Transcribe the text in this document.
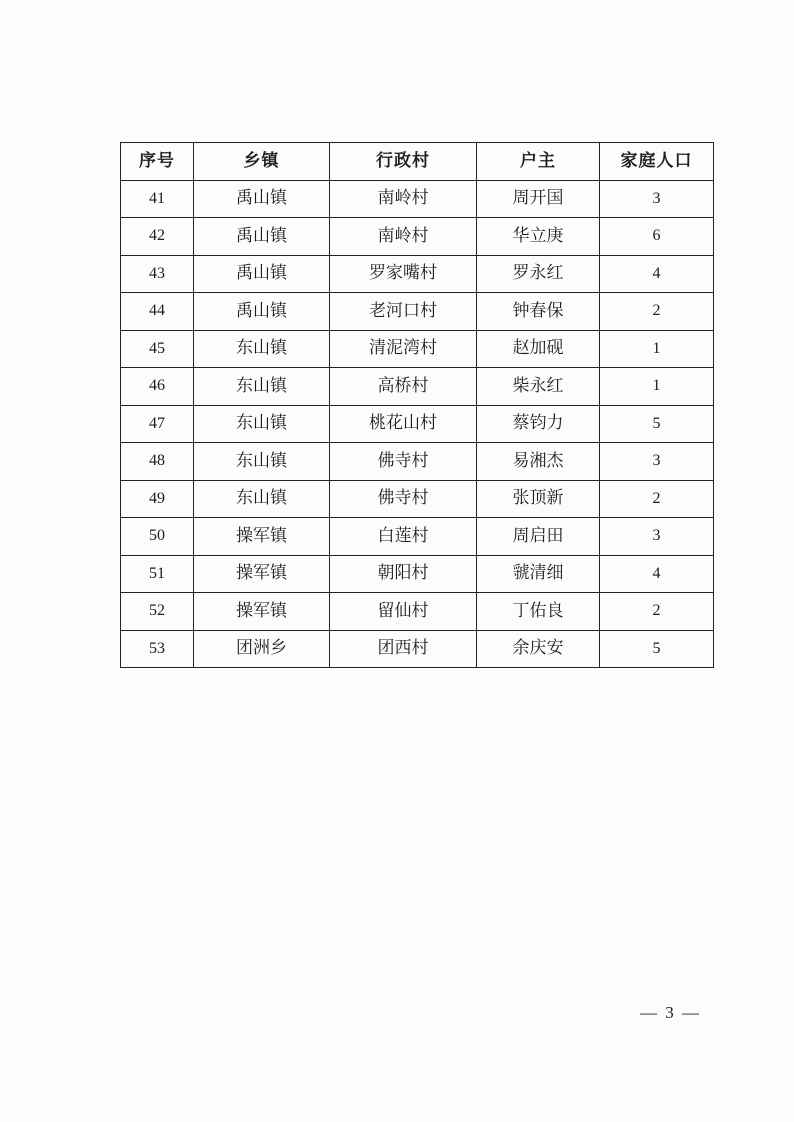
序号	乡镇	行政村	户主	家庭人口
41	禹山镇	南岭村	周开国	3
42	禹山镇	南岭村	华立庚	6
43	禹山镇	罗家嘴村	罗永红	4
44	禹山镇	老河口村	钟春保	2
45	东山镇	清泥湾村	赵加砚	1
46	东山镇	高桥村	柴永红	1
47	东山镇	桃花山村	蔡钧力	5
48	东山镇	佛寺村	易湘杰	3
49	东山镇	佛寺村	张顶新	2
50	操军镇	白莲村	周启田	3
51	操军镇	朝阳村	虢清细	4
52	操军镇	留仙村	丁佑良	2
53	团洲乡	团西村	余庆安	5
— 3 —
